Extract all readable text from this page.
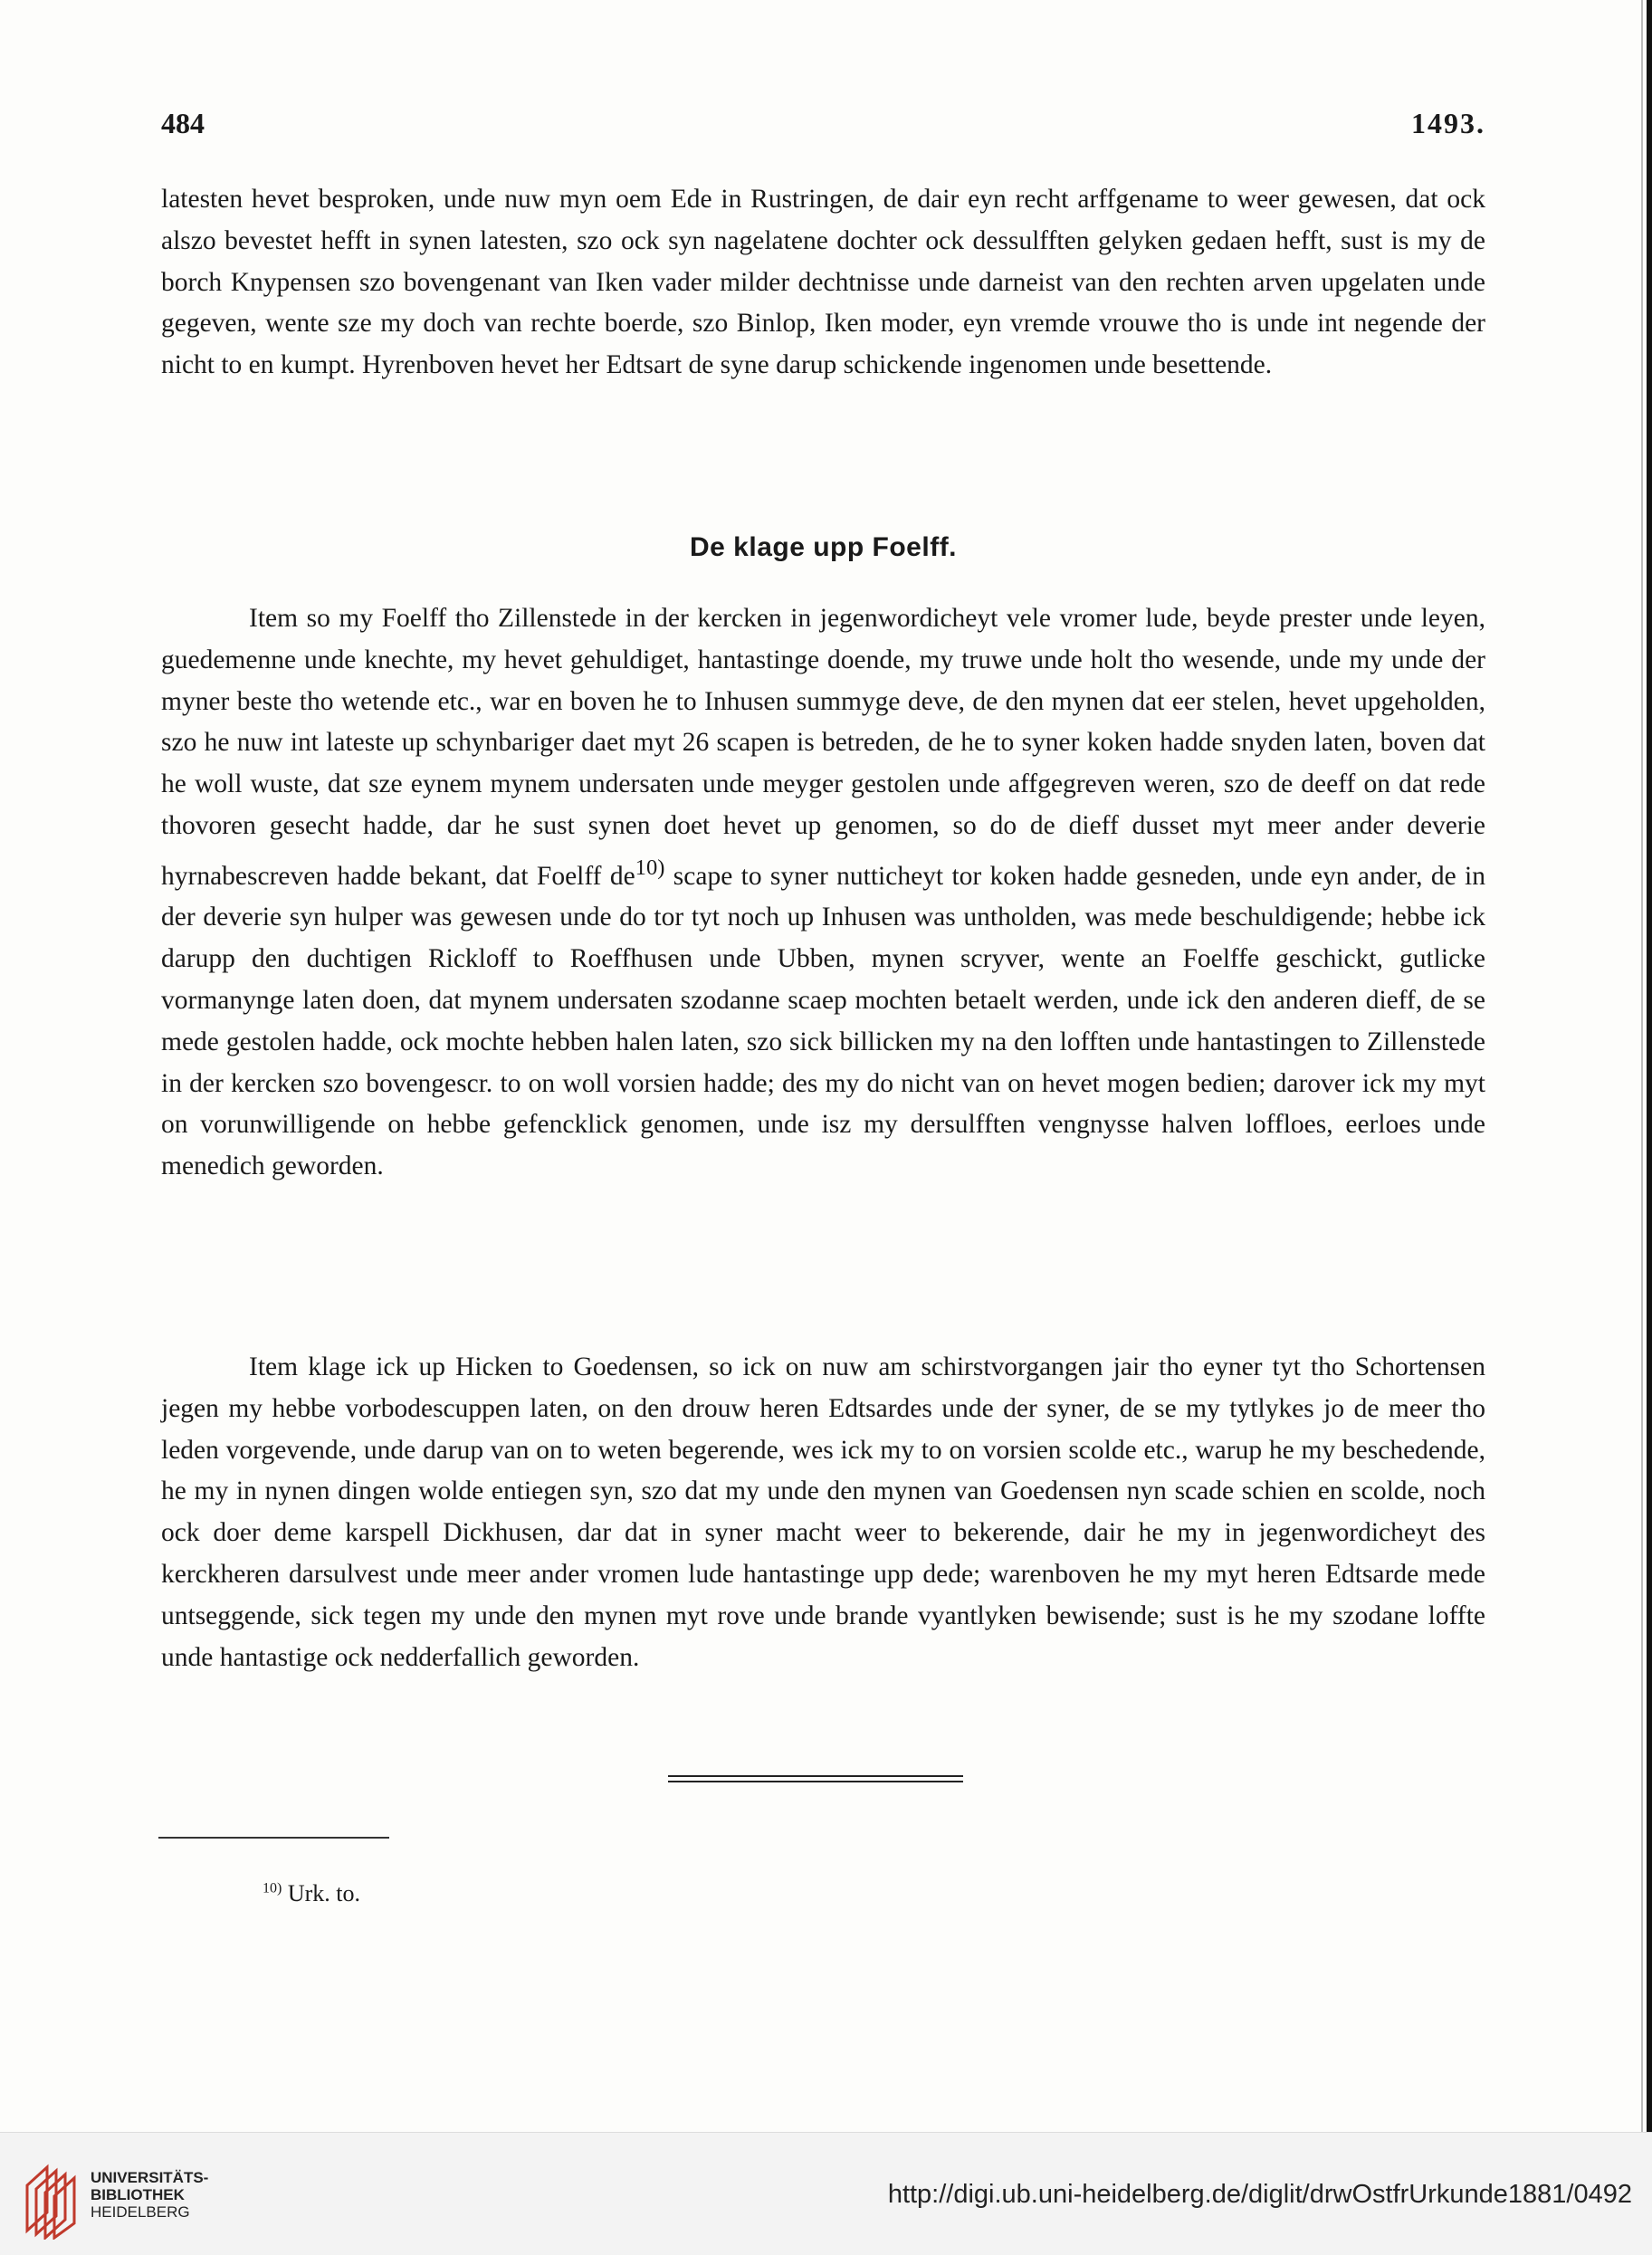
484	1493.

latesten hevet besproken, unde nuw myn oem Ede in Rustringen, de dair eyn recht arffgename to weer gewesen, dat ock alszo bevestet hefft in synen latesten, szo ock syn nagelatene dochter ock dessulfften gelyken gedaen hefft, sust is my de borch Knypensen szo bovengenant van Iken vader milder dechtnisse unde darneist van den rechten arven upgelaten unde gegeven, wente sze my doch van rechte boerde, szo Binlop, Iken moder, eyn vremde vrouwe tho is unde int negende der nicht to en kumpt. Hyrenboven hevet her Edtsart de syne darup schickende ingenomen unde besettende.

De klage upp Foelff.

Item so my Foelff tho Zillenstede in der kercken in jegenwordicheyt vele vromer lude, beyde prester unde leyen, guedemenne unde knechte, my hevet gehuldiget, hantastinge doende, my truwe unde holt tho wesende, unde my unde der myner beste tho wetende etc., war en boven he to Inhusen summyge deve, de den mynen dat eer stelen, hevet upgeholden, szo he nuw int lateste up schynbariger daet myt 26 scapen is betreden, de he to syner koken hadde snyden laten, boven dat he woll wuste, dat sze eynem mynem undersaten unde meyger gestolen unde affgegreven weren, szo de deeff on dat rede thovoren gesecht hadde, dar he sust synen doet hevet up genomen, so do de dieff dusset myt meer ander deverie hyrnabescreven hadde bekant, dat Foelff $de^{10)}$ scape to syner nutticheyt tor koken hadde gesneden, unde eyn ander, de in der deverie syn hulper was gewesen unde do tor tyt noch up Inhusen was untholden, was mede beschuldigende; hebbe ick darupp den duchtigen Rickloff to Roeffhusen unde Ubben, mynen scryver, wente an Foelffe geschickt, gutlicke vormanynge laten doen, dat mynem undersaten szodanne scaep mochten betaelt werden, unde ick den anderen dieff, de se mede gestolen hadde, ock mochte hebben halen laten, szo sick billicken my na den lofften unde hantastingen to Zillenstede in der kercken szo bovengescr. to on woll vorsien hadde; des my do nicht van on hevet mogen bedien; darover ick my myt on vorunwilligende on hebbe gefencklick genomen, unde isz my dersulfften vengnysse halven loffloes, eerloes unde menedich geworden.

Item klage ick up Hicken to Goedensen, so ick on nuw am schirstvorgangen jair tho eyner tyt tho Schortensen jegen my hebbe vorbodescuppen laten, on den drouw heren Edtsardes unde der syner, de se my tytlykes jo de meer tho leden vorgevende, unde darup van on to weten begerende, wes ick my to on vorsien scolde etc., warup he my beschedende, he my in nynen dingen wolde entiegen syn, szo dat my unde den mynen van Goedensen nyn scade schien en scolde, noch ock doer deme karspell Dickhusen, dar dat in syner macht weer to bekerende, dair he my in jegenwordicheyt des kerckheren darsulvest unde meer ander vromen lude hantastinge upp dede; warenboven he my myt heren Edtsarde mede untseggende, sick tegen my unde den mynen myt rove unde brande vyantlyken bewisende; sust is he my szodane loffte unde hantastige ock nedderfallich geworden.

$^{10)}$ Urk. to.
UNIVERSITÄTS-
BIBLIOTHEK
HEIDELBERG
http://digi.ub.uni-heidelberg.de/diglit/drwOstfrUrkunde1881/0492
